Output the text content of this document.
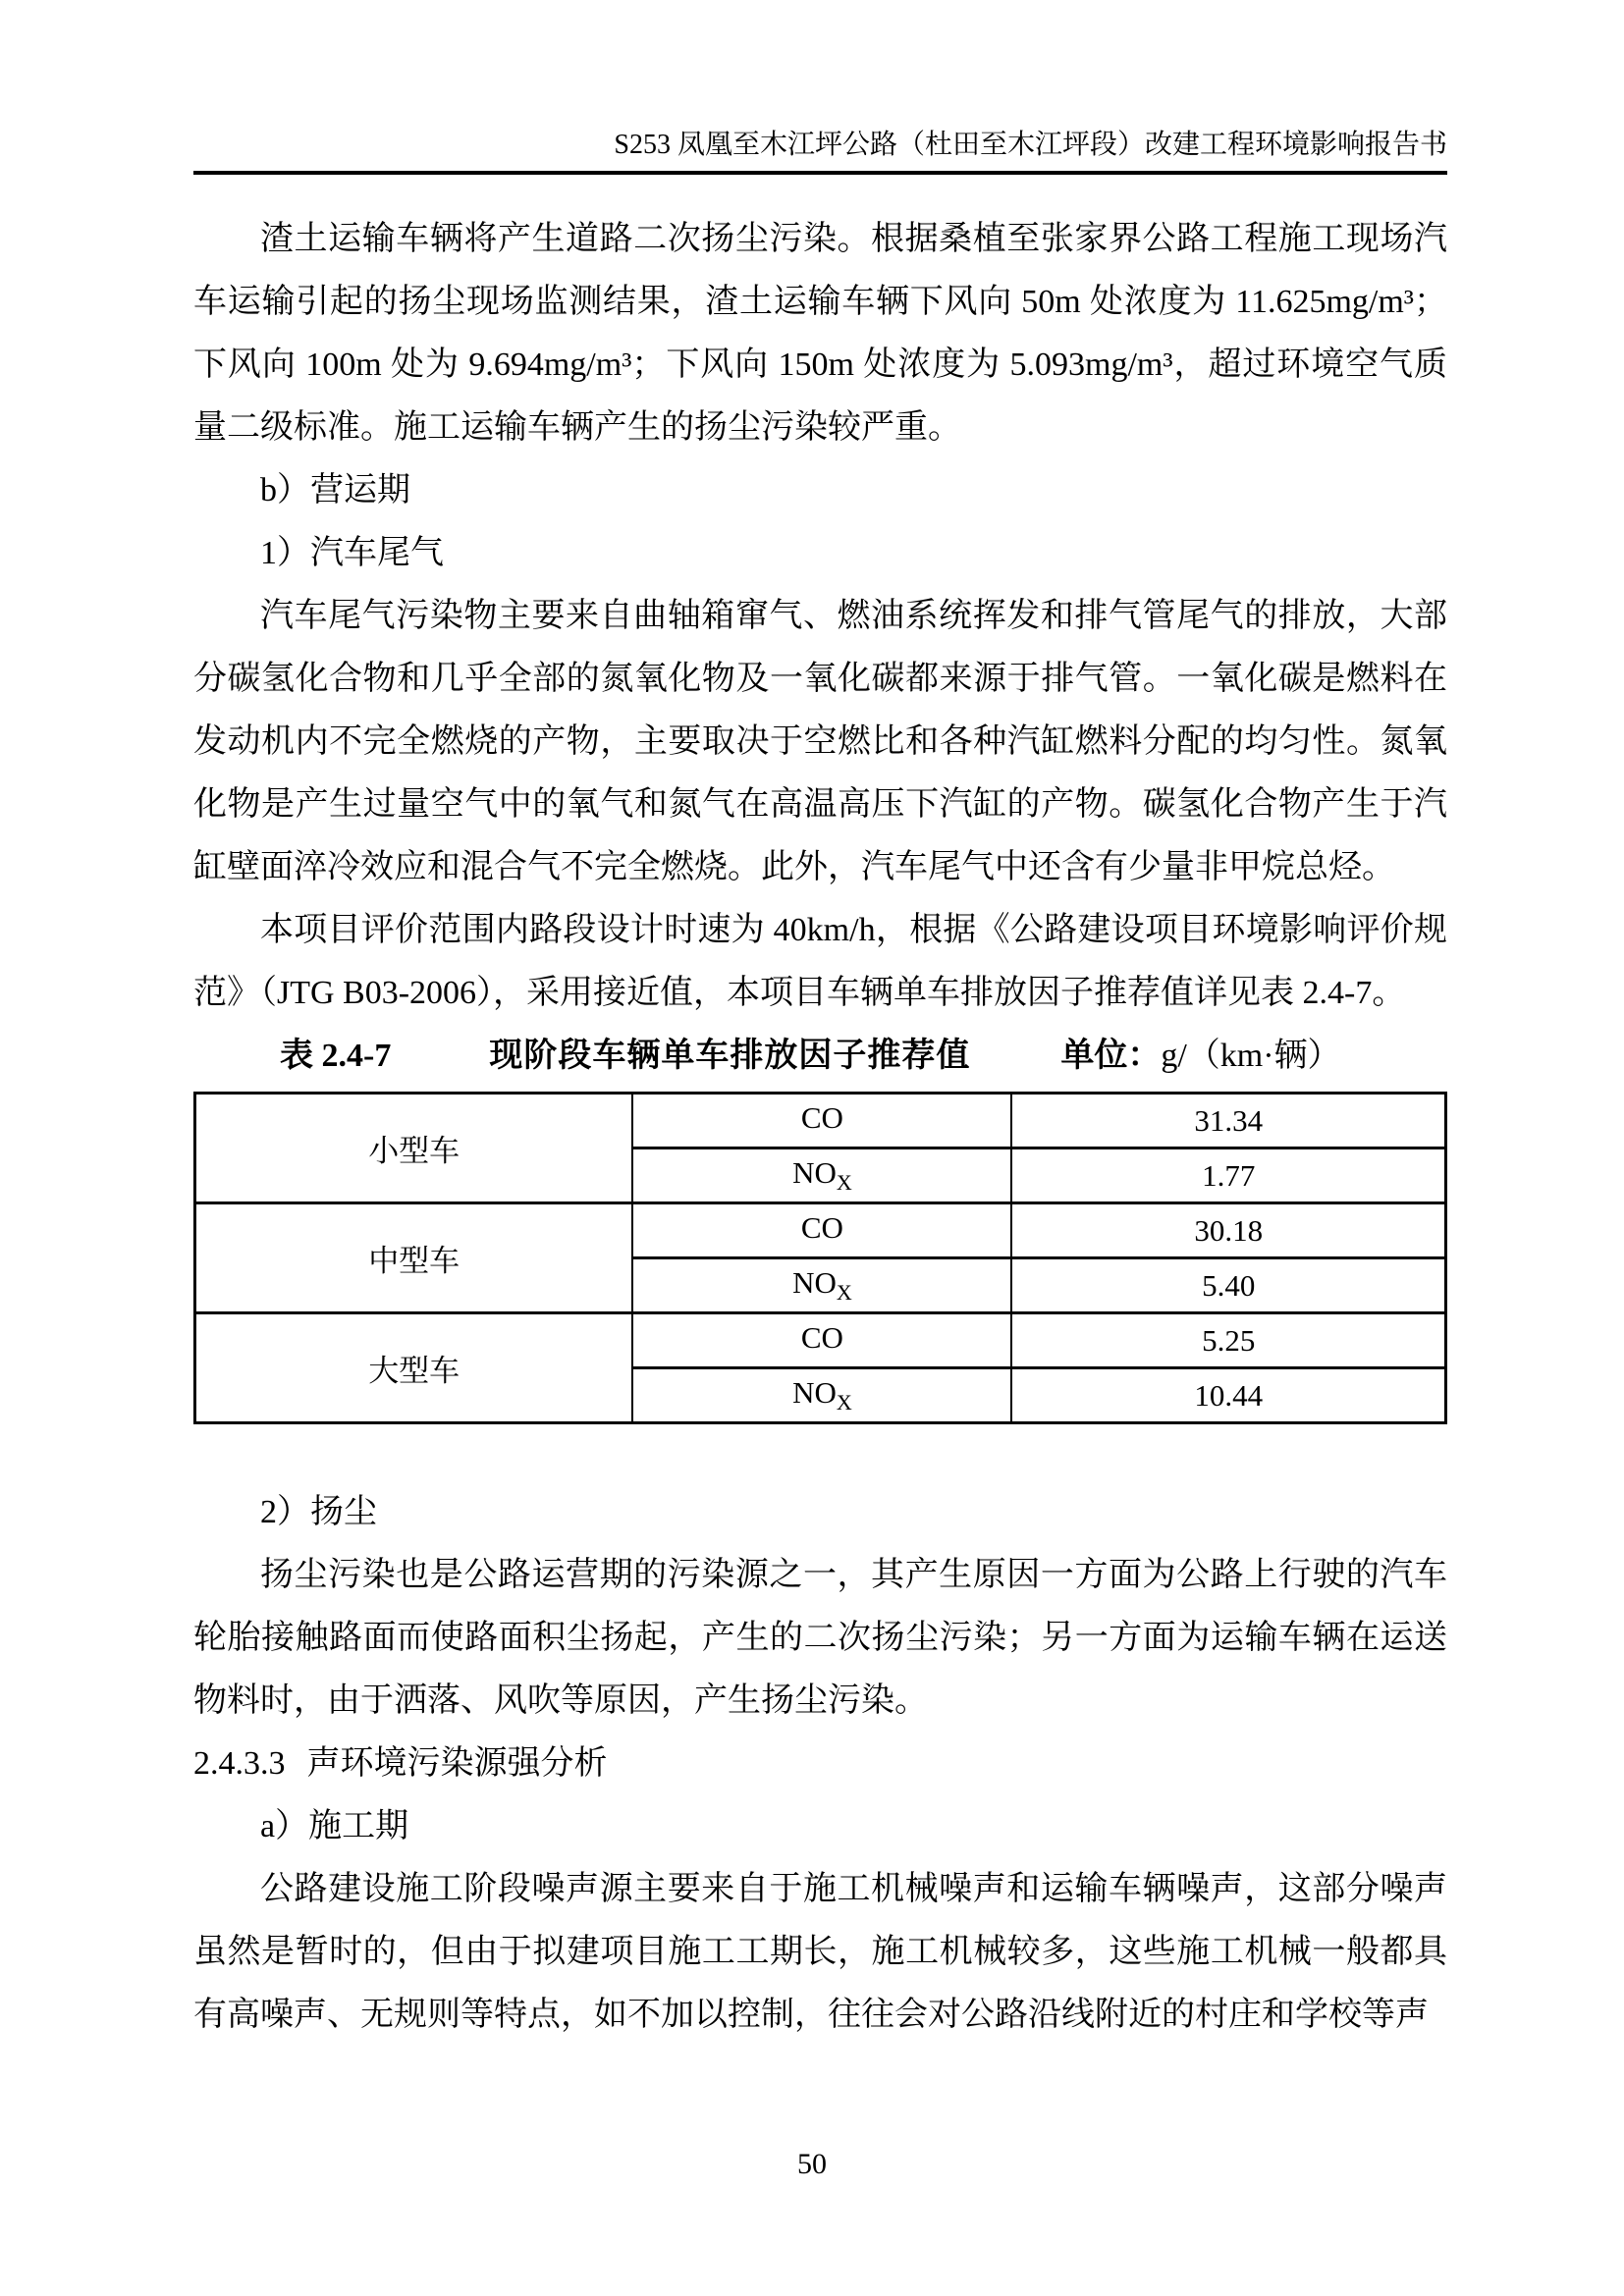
S253 凤凰至木江坪公路（杜田至木江坪段）改建工程环境影响报告书

渣土运输车辆将产生道路二次扬尘污染。根据桑植至张家界公路工程施工现场汽车运输引起的扬尘现场监测结果，渣土运输车辆下风向 50m 处浓度为 11.625mg/m³；下风向 100m 处为 9.694mg/m³；下风向 150m 处浓度为 5.093mg/m³，超过环境空气质量二级标准。施工运输车辆产生的扬尘污染较严重。

b）营运期

1）汽车尾气

汽车尾气污染物主要来自曲轴箱窜气、燃油系统挥发和排气管尾气的排放，大部分碳氢化合物和几乎全部的氮氧化物及一氧化碳都来源于排气管。一氧化碳是燃料在发动机内不完全燃烧的产物，主要取决于空燃比和各种汽缸燃料分配的均匀性。氮氧化物是产生过量空气中的氧气和氮气在高温高压下汽缸的产物。碳氢化合物产生于汽缸壁面淬冷效应和混合气不完全燃烧。此外，汽车尾气中还含有少量非甲烷总烃。

本项目评价范围内路段设计时速为 40km/h，根据《公路建设项目环境影响评价规范》（JTG B03-2006），采用接近值，本项目车辆单车排放因子推荐值详见表 2.4-7。

表 2.4-7	现阶段车辆单车排放因子推荐值	单位： g/（km·辆）
小型车	CO	31.34
	$NO_X$	1.77
中型车	CO	30.18
	$NO_X$	5.40
大型车	CO	5.25
	$NO_X$	10.44

2）扬尘

扬尘污染也是公路运营期的污染源之一，其产生原因一方面为公路上行驶的汽车轮胎接触路面而使路面积尘扬起，产生的二次扬尘污染；另一方面为运输车辆在运送物料时，由于洒落、风吹等原因，产生扬尘污染。

2.4.3.3 声环境污染源强分析

a）施工期

公路建设施工阶段噪声源主要来自于施工机械噪声和运输车辆噪声，这部分噪声虽然是暂时的，但由于拟建项目施工工期长，施工机械较多，这些施工机械一般都具有高噪声、无规则等特点，如不加以控制，往往会对公路沿线附近的村庄和学校等声

50
